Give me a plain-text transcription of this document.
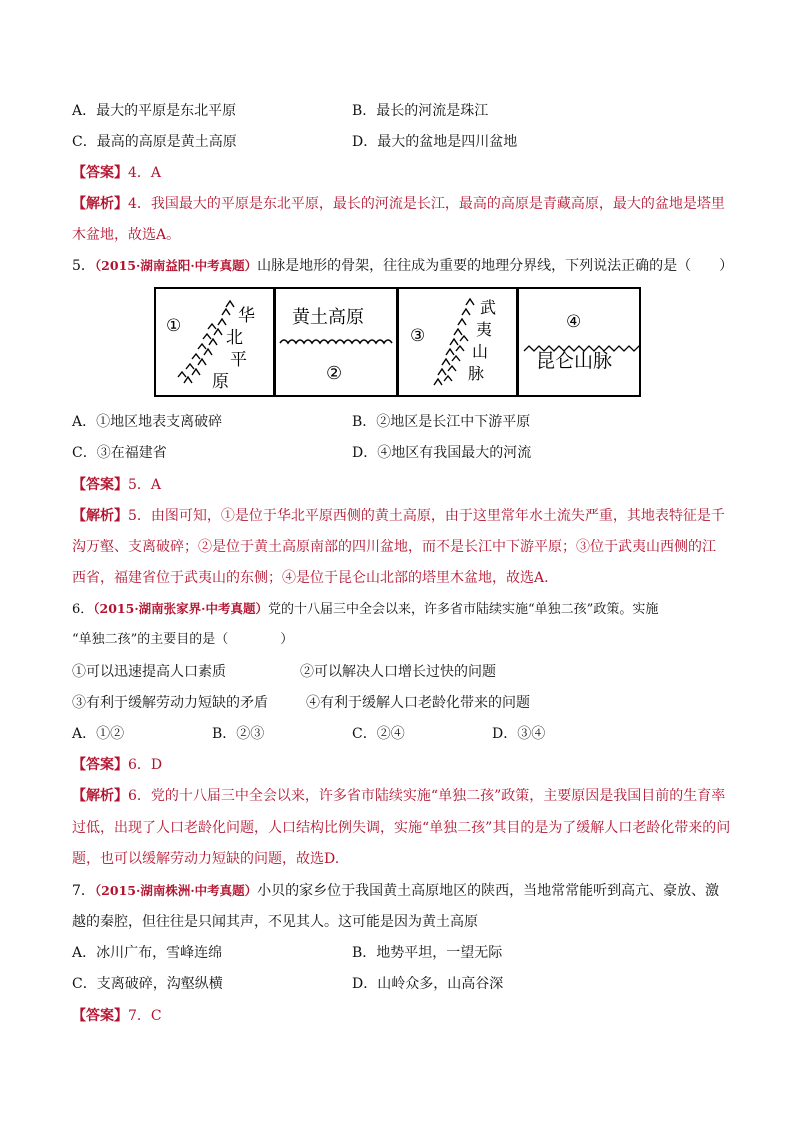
A．最大的平原是东北平原	B．最长的河流是珠江
C．最高的高原是黄土高原	D．最大的盆地是四川盆地
【答案】4．A
【解析】4．我国最大的平原是东北平原，最长的河流是长江，最高的高原是青藏高原，最大的盆地是塔里
木盆地，故选A。
5．（2015·湖南益阳·中考真题）山脉是地形的骨架，往往成为重要的地理分界线，下列说法正确的是（　　）
①	华
北
平
原
黄土高原
②
③
武
夷
山
脉
④
昆仑山脉
A．①地区地表支离破碎	B．②地区是长江中下游平原
C．③在福建省	D．④地区有我国最大的河流
【答案】5．A
【解析】5．由图可知，①是位于华北平原西侧的黄土高原，由于这里常年水土流失严重，其地表特征是千
沟万壑、支离破碎；②是位于黄土高原南部的四川盆地，而不是长江中下游平原；③位于武夷山西侧的江
西省，福建省位于武夷山的东侧；④是位于昆仑山北部的塔里木盆地，故选A.
6．（2015·湖南张家界·中考真题）党的十八届三中全会以来，许多省市陆续实施“单独二孩”政策。实施
“单独二孩”的主要目的是（　　　　）
①可以迅速提高人口素质	②可以解决人口增长过快的问题
③有利于缓解劳动力短缺的矛盾	④有利于缓解人口老龄化带来的问题
A．①②	B．②③	C．②④	D．③④
【答案】6．D
【解析】6．党的十八届三中全会以来，许多省市陆续实施“单独二孩”政策，主要原因是我国目前的生育率
过低，出现了人口老龄化问题，人口结构比例失调，实施“单独二孩”其目的是为了缓解人口老龄化带来的问
题，也可以缓解劳动力短缺的问题，故选D.
7．（2015·湖南株洲·中考真题）小贝的家乡位于我国黄土高原地区的陕西，当地常常能听到高亢、豪放、激
越的秦腔，但往往是只闻其声，不见其人。这可能是因为黄土高原
A．冰川广布，雪峰连绵	B．地势平坦，一望无际
C．支离破碎，沟壑纵横	D．山岭众多，山高谷深
【答案】7．C
